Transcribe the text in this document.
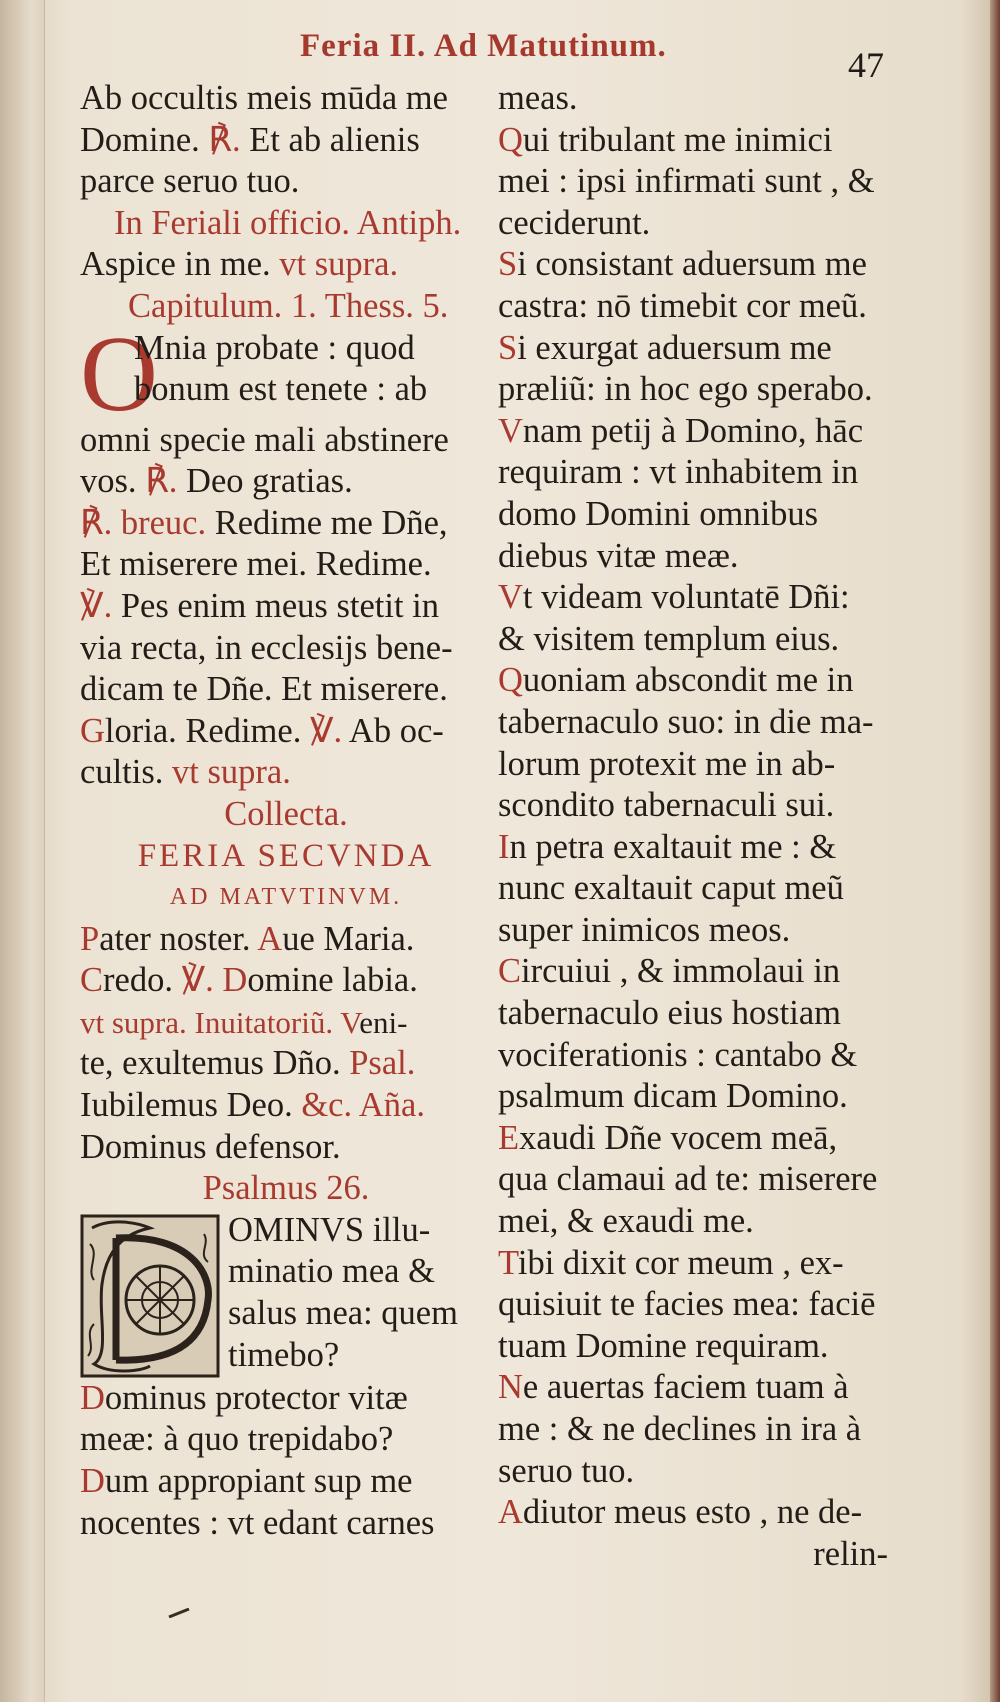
Feria II. Ad Matutinum.	47
Ab occultis meis mūda me
Domine. ℟. Et ab alienis
parce seruo tuo.
In Feriali officio. Antiph.
Aspice in me. vt supra.
Capitulum. 1. Thess. 5.
O
Mnia probate : quod
bonum est tenete : ab
omni specie mali abstinere
vos. ℟. Deo gratias.
℟. breuc. Redime me Dñe,
Et miserere mei. Redime.
℣. Pes enim meus stetit in
via recta, in ecclesijs bene-
dicam te Dñe. Et miserere.
Gloria. Redime. ℣. Ab oc-
cultis. vt supra.
Collecta.
FERIA SECVNDA
AD MATVTINVM.
Pater noster. Aue Maria.
Credo. ℣. Domine labia.
vt supra. Inuitatoriũ. Veni-
te, exultemus Dño. Psal.
Iubilemus Deo. &c. Aña.
Dominus defensor.
Psalmus 26.
OMINVS illu-
minatio mea &
salus mea: quem
timebo?
Dominus protector vitæ
meæ: à quo trepidabo?
Dum appropiant sup me
nocentes : vt edant carnes
meas.
Qui tribulant me inimici
mei : ipsi infirmati sunt , &
ceciderunt.
Si consistant aduersum me
castra: nō timebit cor meũ.
Si exurgat aduersum me
præliũ: in hoc ego sperabo.
Vnam petij à Domino, hāc
requiram : vt inhabitem in
domo Domini omnibus
diebus vitæ meæ.
Vt videam voluntatē Dñi:
& visitem templum eius.
Quoniam abscondit me in
tabernaculo suo: in die ma-
lorum protexit me in ab-
scondito tabernaculi sui.
In petra exaltauit me : &
nunc exaltauit caput meũ
super inimicos meos.
Circuiui , & immolaui in
tabernaculo eius hostiam
vociferationis : cantabo &
psalmum dicam Domino.
Exaudi Dñe vocem meā,
qua clamaui ad te: miserere
mei, & exaudi me.
Tibi dixit cor meum , ex-
quisiuit te facies mea: faciē
tuam Domine requiram.
Ne auertas faciem tuam à
me : & ne declines in ira à
seruo tuo.
Adiutor meus esto , ne de-
relin-
